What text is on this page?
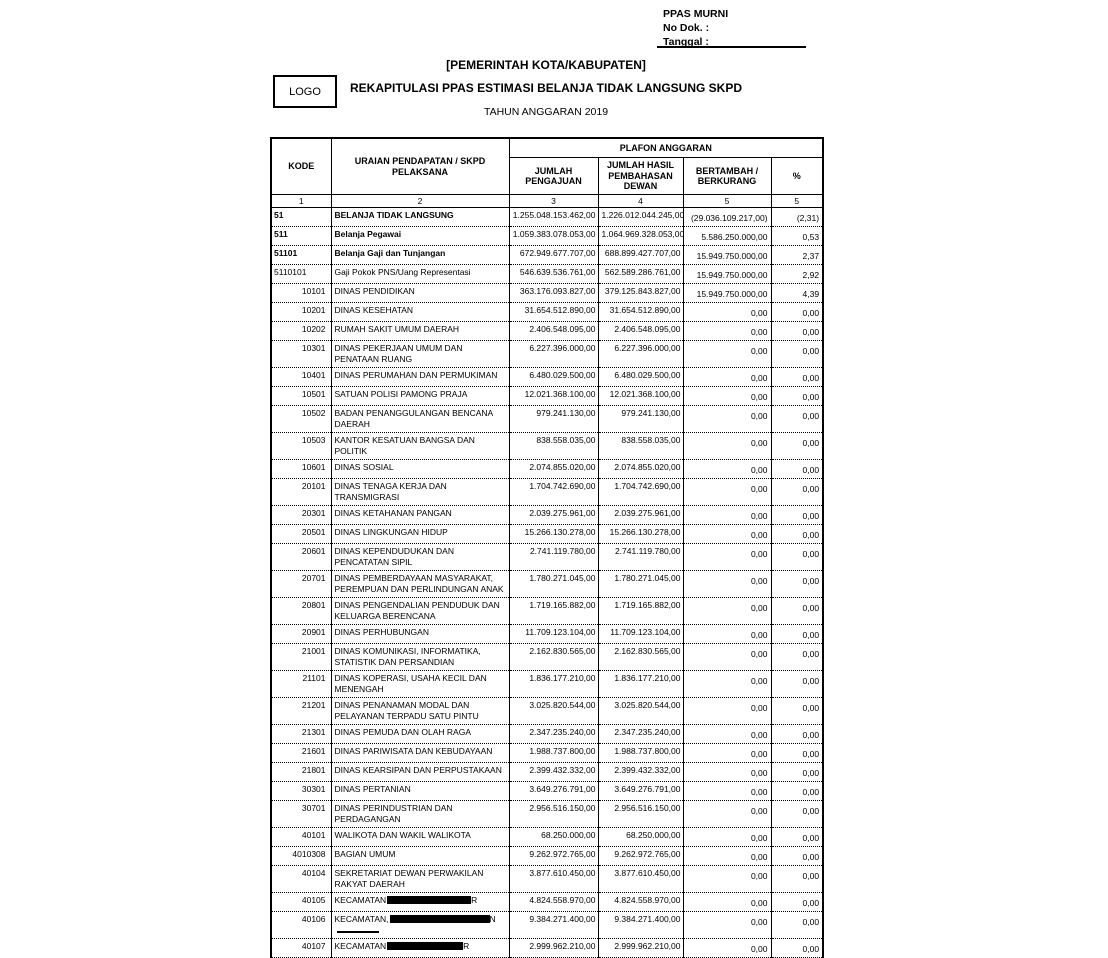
PPAS MURNI
No Dok. :
Tanggal :
LOGO
[PEMERINTAH KOTA/KABUPATEN]
REKAPITULASI PPAS ESTIMASI BELANJA TIDAK LANGSUNG SKPD
TAHUN ANGGARAN 2019
KODE	URAIAN PENDAPATAN / SKPD PELAKSANA	PLAFON ANGGARAN			
		JUMLAH PENGAJUAN	JUMLAH HASIL PEMBAHASAN DEWAN	BERTAMBAH / BERKURANG	%
1	2	3	4	5	5
51	BELANJA TIDAK LANGSUNG	1.255.048.153.462,00	1.226.012.044.245,00	(29.036.109.217,00)	(2,31)
511	Belanja Pegawai	1.059.383.078.053,00	1.064.969.328.053,00	5.586.250.000,00	0,53
51101	Belanja Gaji dan Tunjangan	672.949.677.707,00	688.899.427.707,00	15.949.750.000,00	2,37
5110101	Gaji Pokok PNS/Uang Representasi	546.639.536.761,00	562.589.286.761,00	15.949.750.000,00	2,92
10101	DINAS PENDIDIKAN	363.176.093.827,00	379.125.843.827,00	15.949.750.000,00	4,39
10201	DINAS KESEHATAN	31.654.512.890,00	31.654.512.890,00	0,00	0,00
10202	RUMAH SAKIT UMUM DAERAH	2.406.548.095,00	2.406.548.095,00	0,00	0,00
10301	DINAS PEKERJAAN UMUM DAN PENATAAN RUANG	6.227.396.000,00	6.227.396.000,00	0,00	0,00
10401	DINAS PERUMAHAN DAN PERMUKIMAN	6.480.029.500,00	6.480.029.500,00	0,00	0,00
10501	SATUAN POLISI PAMONG PRAJA	12.021.368.100,00	12.021.368.100,00	0,00	0,00
10502	BADAN PENANGGULANGAN BENCANA DAERAH	979.241.130,00	979.241.130,00	0,00	0,00
10503	KANTOR KESATUAN BANGSA DAN POLITIK	838.558.035,00	838.558.035,00	0,00	0,00
10601	DINAS SOSIAL	2.074.855.020,00	2.074.855.020,00	0,00	0,00
20101	DINAS TENAGA KERJA DAN TRANSMIGRASI	1.704.742.690,00	1.704.742.690,00	0,00	0,00
20301	DINAS KETAHANAN PANGAN	2.039.275.961,00	2.039.275.961,00	0,00	0,00
20501	DINAS LINGKUNGAN HIDUP	15.266.130.278,00	15.266.130.278,00	0,00	0,00
20601	DINAS KEPENDUDUKAN DAN PENCATATAN SIPIL	2.741.119.780,00	2.741.119.780,00	0,00	0,00
20701	DINAS PEMBERDAYAAN MASYARAKAT, PEREMPUAN DAN PERLINDUNGAN ANAK	1.780.271.045,00	1.780.271.045,00	0,00	0,00
20801	DINAS PENGENDALIAN PENDUDUK DAN KELUARGA BERENCANA	1.719.165.882,00	1.719.165.882,00	0,00	0,00
20901	DINAS PERHUBUNGAN	11.709.123.104,00	11.709.123.104,00	0,00	0,00
21001	DINAS KOMUNIKASI, INFORMATIKA, STATISTIK DAN PERSANDIAN	2.162.830.565,00	2.162.830.565,00	0,00	0,00
21101	DINAS KOPERASI, USAHA KECIL DAN MENENGAH	1.836.177.210,00	1.836.177.210,00	0,00	0,00
21201	DINAS PENANAMAN MODAL DAN PELAYANAN TERPADU SATU PINTU	3.025.820.544,00	3.025.820.544,00	0,00	0,00
21301	DINAS PEMUDA DAN OLAH RAGA	2.347.235.240,00	2.347.235.240,00	0,00	0,00
21601	DINAS PARIWISATA DAN KEBUDAYAAN	1.988.737.800,00	1.988.737.800,00	0,00	0,00
21801	DINAS KEARSIPAN DAN PERPUSTAKAAN	2.399.432.332,00	2.399.432.332,00	0,00	0,00
30301	DINAS PERTANIAN	3.649.276.791,00	3.649.276.791,00	0,00	0,00
30701	DINAS PERINDUSTRIAN DAN PERDAGANGAN	2.956.516.150,00	2.956.516.150,00	0,00	0,00
40101	WALIKOTA DAN WAKIL WALIKOTA	68.250.000,00	68.250.000,00	0,00	0,00
4010308	BAGIAN UMUM	9.262.972.765,00	9.262.972.765,00	0,00	0,00
40104	SEKRETARIAT DEWAN PERWAKILAN RAKYAT DAERAH	3.877.610.450,00	3.877.610.450,00	0,00	0,00
40105	KECAMATAN R	4.824.558.970,00	4.824.558.970,00	0,00	0,00
40106	KECAMATAN, N	9.384.271.400,00	9.384.271.400,00	0,00	0,00
40107	KECAMATAN R	2.999.962.210,00	2.999.962.210,00	0,00	0,00
